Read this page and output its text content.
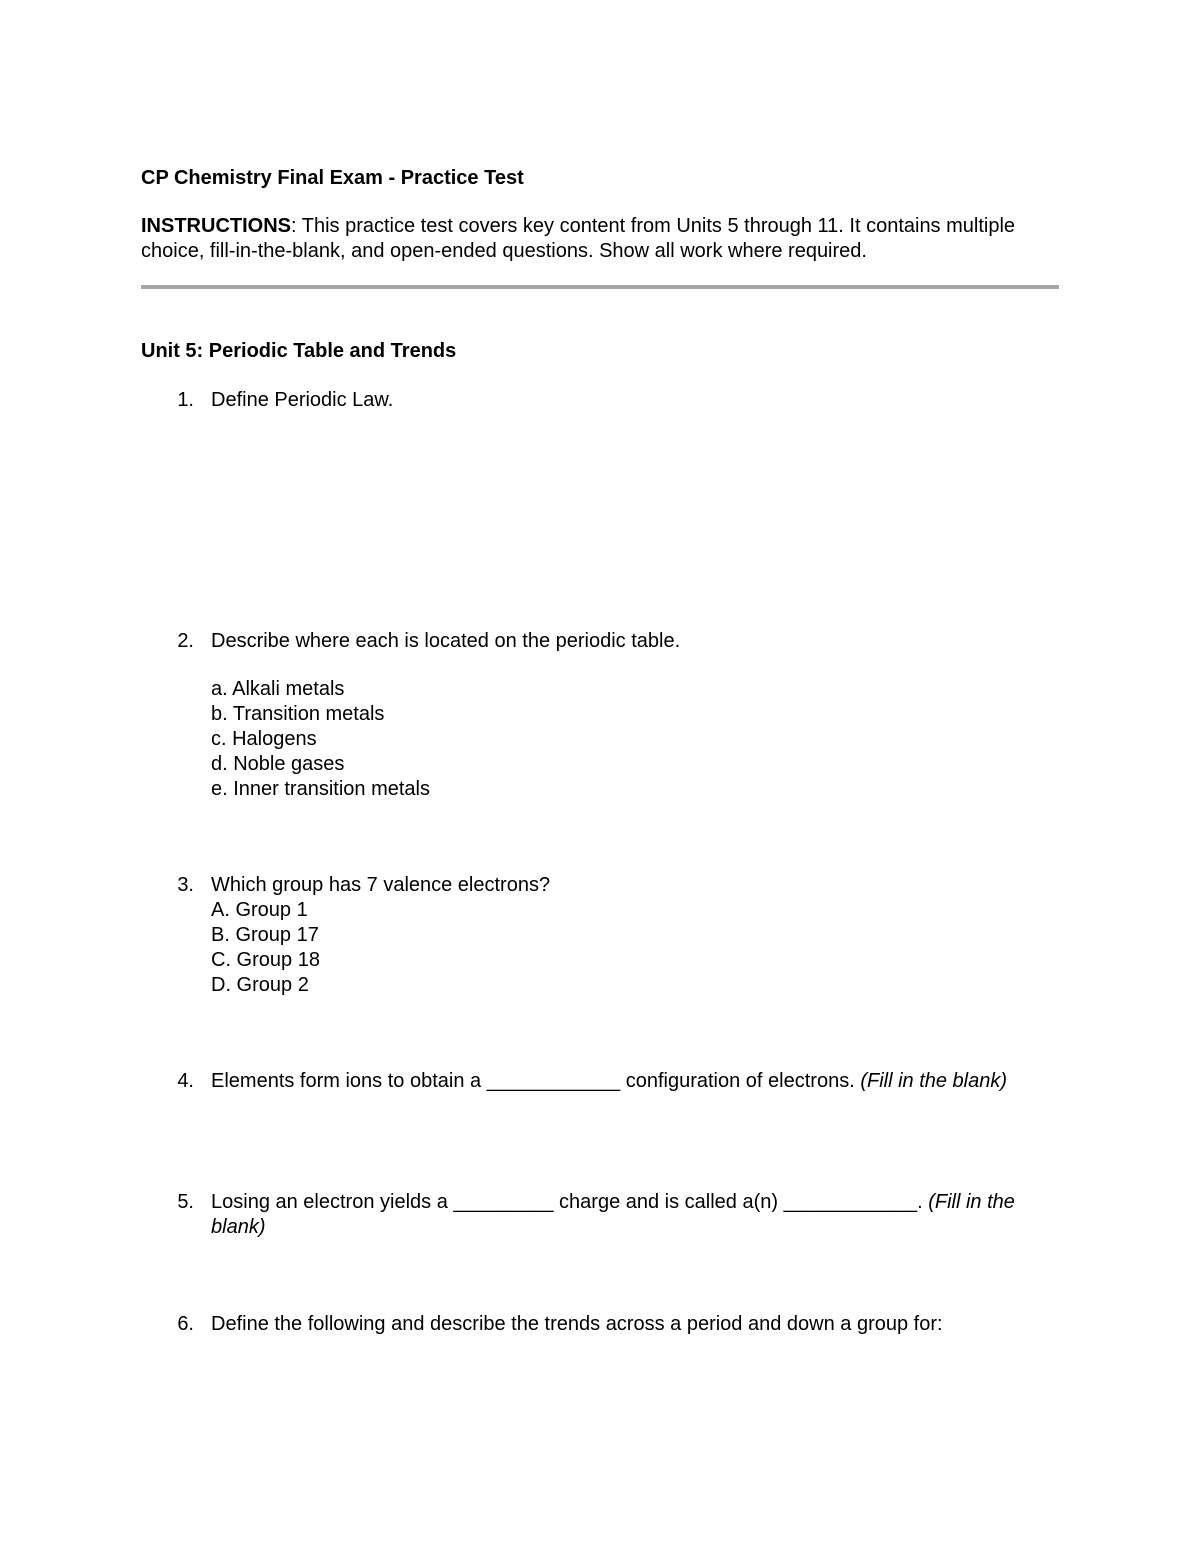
CP Chemistry Final Exam - Practice Test
INSTRUCTIONS: This practice test covers key content from Units 5 through 11. It contains multiple choice, fill-in-the-blank, and open-ended questions. Show all work where required.
Unit 5: Periodic Table and Trends
1. Define Periodic Law.
2. Describe where each is located on the periodic table.
a. Alkali metals
b. Transition metals
c. Halogens
d. Noble gases
e. Inner transition metals
3. Which group has 7 valence electrons?
A. Group 1
B. Group 17
C. Group 18
D. Group 2
4. Elements form ions to obtain a ____________ configuration of electrons. (Fill in the blank)
5. Losing an electron yields a _________ charge and is called a(n) ____________. (Fill in the blank)
6. Define the following and describe the trends across a period and down a group for:
